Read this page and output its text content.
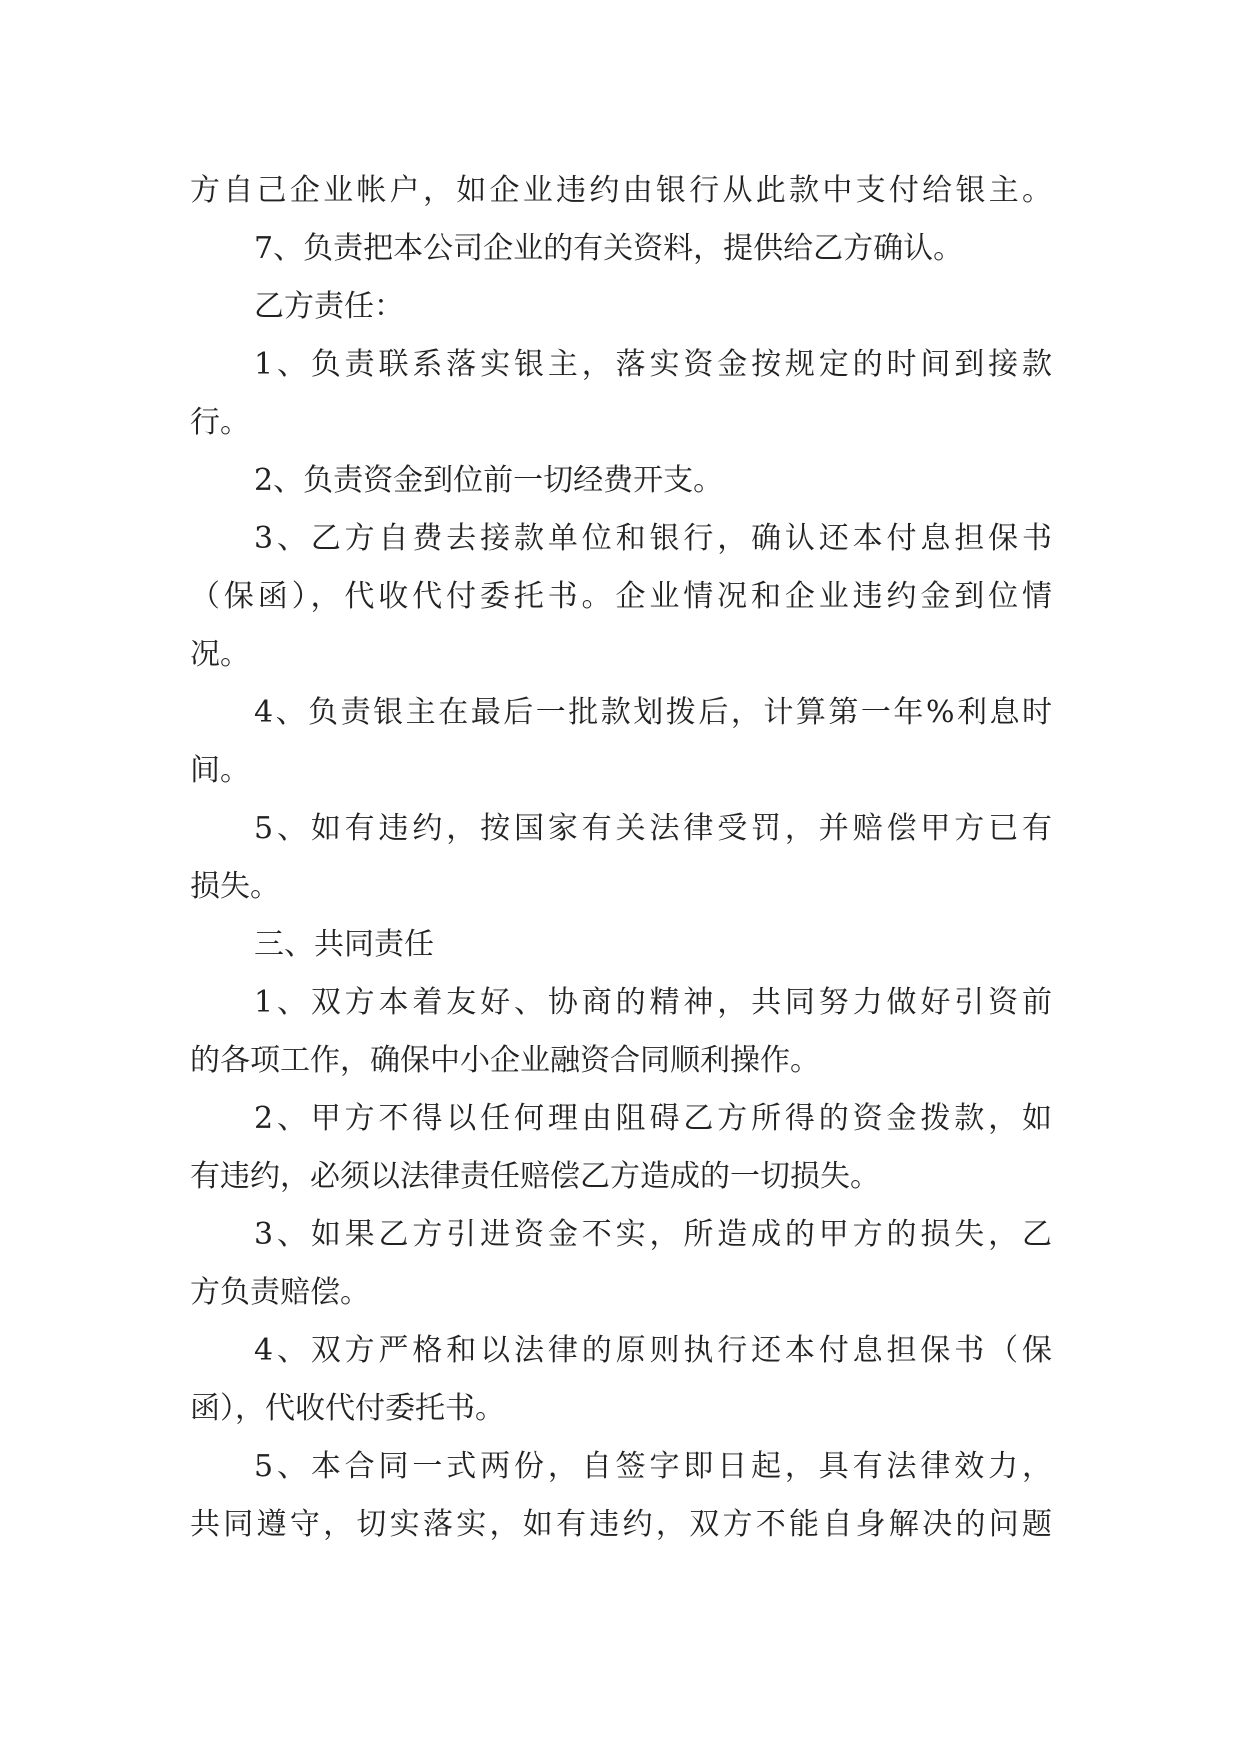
方自己企业帐户，如企业违约由银行从此款中支付给银主。
7、负责把本公司企业的有关资料，提供给乙方确认。
乙方责任：
1、负责联系落实银主，落实资金按规定的时间到接款
行。
2、负责资金到位前一切经费开支。
3、乙方自费去接款单位和银行，确认还本付息担保书
（保函），代收代付委托书。企业情况和企业违约金到位情
况。
4、负责银主在最后一批款划拨后，计算第一年%利息时
间。
5、如有违约，按国家有关法律受罚，并赔偿甲方已有
损失。
三、共同责任
1、双方本着友好、协商的精神，共同努力做好引资前
的各项工作，确保中小企业融资合同顺利操作。
2、甲方不得以任何理由阻碍乙方所得的资金拨款，如
有违约，必须以法律责任赔偿乙方造成的一切损失。
3、如果乙方引进资金不实，所造成的甲方的损失，乙
方负责赔偿。
4、双方严格和以法律的原则执行还本付息担保书（保
函），代收代付委托书。
5、本合同一式两份，自签字即日起，具有法律效力，
共同遵守，切实落实，如有违约，双方不能自身解决的问题
